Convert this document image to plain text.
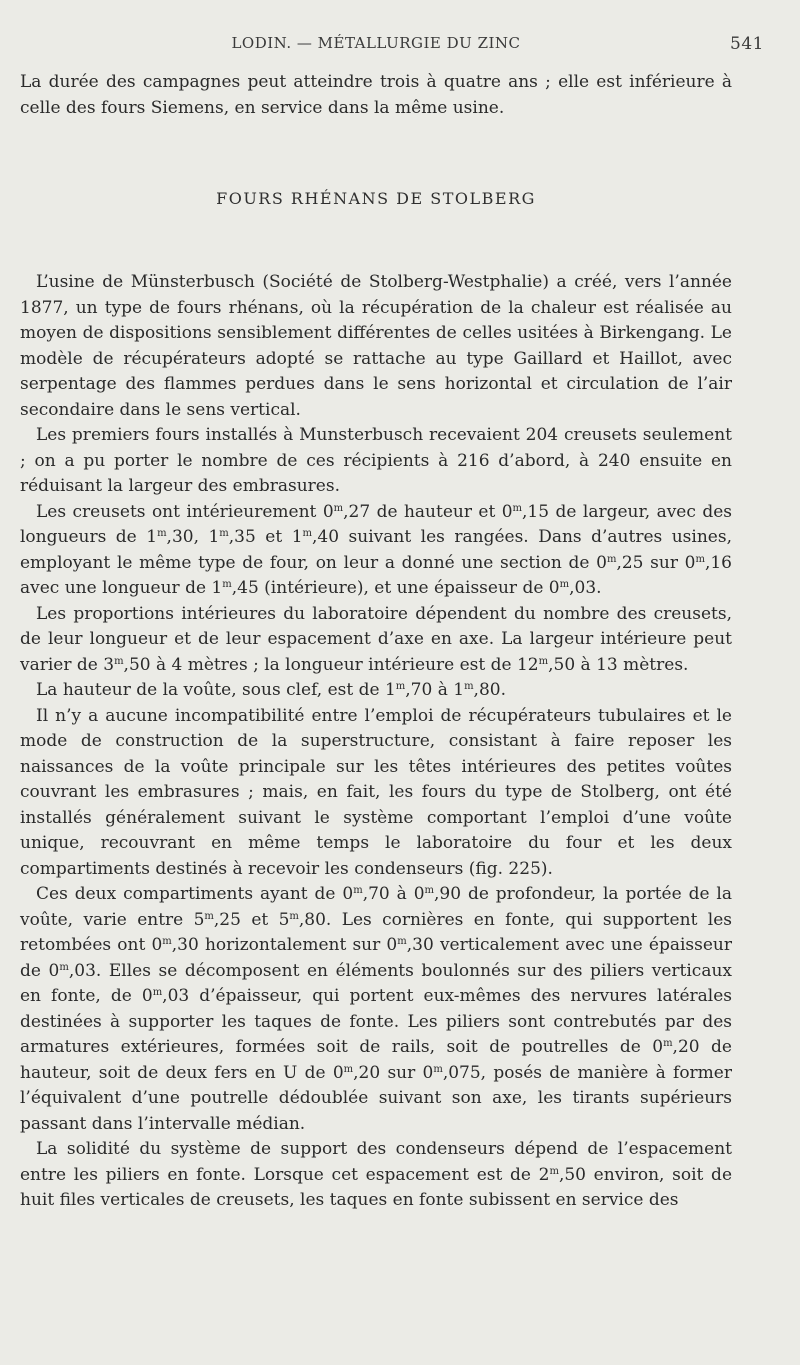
LODIN. — MÉTALLURGIE DU ZINC	541

La durée des campagnes peut atteindre trois à quatre ans ; elle est inférieure à celle des fours Siemens, en service dans la même usine.

FOURS RHÉNANS DE STOLBERG

L’usine de Münsterbusch (Société de Stolberg-Westphalie) a créé, vers l’année 1877, un type de fours rhénans, où la récupération de la chaleur est réalisée au moyen de dispositions sensiblement différentes de celles usitées à Birkengang. Le modèle de récupérateurs adopté se rattache au type Gaillard et Haillot, avec serpentage des flammes perdues dans le sens horizontal et circulation de l’air secondaire dans le sens vertical.

Les premiers fours installés à Munsterbusch recevaient 204 creusets seulement ; on a pu porter le nombre de ces récipients à 216 d’abord, à 240 ensuite en réduisant la largeur des embrasures.

Les creusets ont intérieurement 0$^m$,27 de hauteur et 0$^m$,15 de largeur, avec des longueurs de 1$^m$,30, 1$^m$,35 et 1$^m$,40 suivant les rangées. Dans d’autres usines, employant le même type de four, on leur a donné une section de 0$^m$,25 sur 0$^m$,16 avec une longueur de 1$^m$,45 (intérieure), et une épaisseur de 0$^m$,03.

Les proportions intérieures du laboratoire dépendent du nombre des creusets, de leur longueur et de leur espacement d’axe en axe. La largeur intérieure peut varier de 3$^m$,50 à 4 mètres ; la longueur intérieure est de 12$^m$,50 à 13 mètres.

La hauteur de la voûte, sous clef, est de 1$^m$,70 à 1$^m$,80.

Il n’y a aucune incompatibilité entre l’emploi de récupérateurs tubulaires et le mode de construction de la superstructure, consistant à faire reposer les naissances de la voûte principale sur les têtes intérieures des petites voûtes couvrant les embrasures ; mais, en fait, les fours du type de Stolberg, ont été installés généralement suivant le système comportant l’emploi d’une voûte unique, recouvrant en même temps le laboratoire du four et les deux compartiments destinés à recevoir les condenseurs (fig. 225).

Ces deux compartiments ayant de 0$^m$,70 à 0$^m$,90 de profondeur, la portée de la voûte, varie entre 5$^m$,25 et 5$^m$,80. Les cornières en fonte, qui supportent les retombées ont 0$^m$,30 horizontalement sur 0$^m$,30 verticalement avec une épaisseur de 0$^m$,03. Elles se décomposent en éléments boulonnés sur des piliers verticaux en fonte, de 0$^m$,03 d’épaisseur, qui portent eux-mêmes des nervures latérales destinées à supporter les taques de fonte. Les piliers sont contrebutés par des armatures extérieures, formées soit de rails, soit de poutrelles de 0$^m$,20 de hauteur, soit de deux fers en U de 0$^m$,20 sur 0$^m$,075, posés de manière à former l’équivalent d’une poutrelle dédoublée suivant son axe, les tirants supérieurs passant dans l’intervalle médian.

La solidité du système de support des condenseurs dépend de l’espacement entre les piliers en fonte. Lorsque cet espacement est de 2$^m$,50 environ, soit de huit files verticales de creusets, les taques en fonte subissent en service des
